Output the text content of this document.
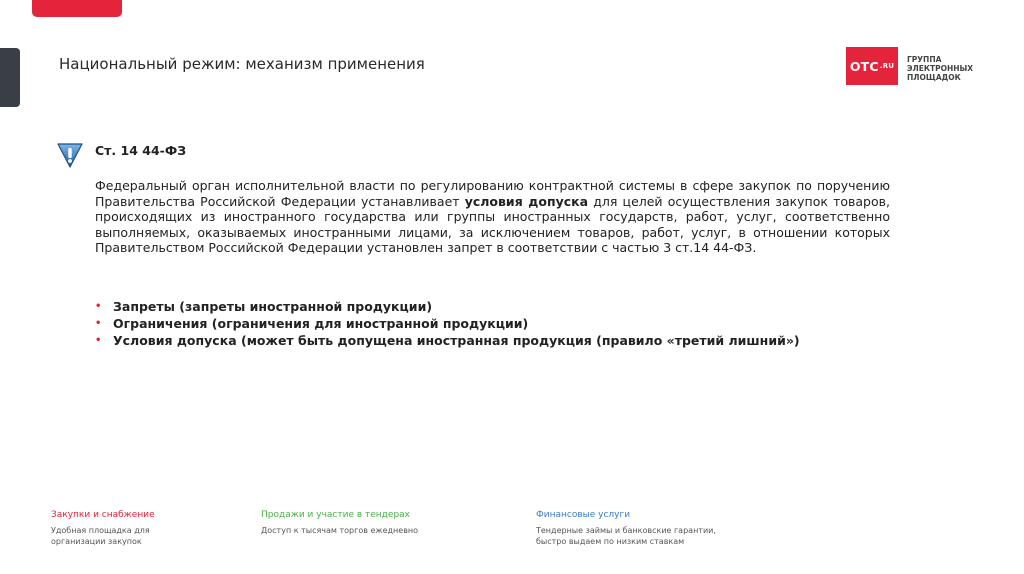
Национальный режим: механизм применения	OTC .RU
ГРУППА
ЭЛЕКТРОННЫХ
ПЛОЩАДОК
Ст. 14 44-ФЗ

Федеральный орган исполнительной власти по регулированию контрактной системы в сфере закупок по поручению Правительства Российской Федерации устанавливает условия допуска для целей осуществления закупок товаров, происходящих из иностранного государства или группы иностранных государств, работ, услуг, соответственно выполняемых, оказываемых иностранными лицами, за исключением товаров, работ, услуг, в отношении которых Правительством Российской Федерации установлен запрет в соответствии с частью 3 ст.14 44-ФЗ.

• Запреты (запреты иностранной продукции)
• Ограничения (ограничения для иностранной продукции)
• Условия допуска (может быть допущена иностранная продукция (правило «третий лишний»)
Закупки и снабжение
Удобная площадка для
организации закупок
Продажи и участие в тендерах
Доступ к тысячам торгов ежедневно
Финансовые услуги
Тендерные займы и банковские гарантии,
быстро выдаем по низким ставкам
